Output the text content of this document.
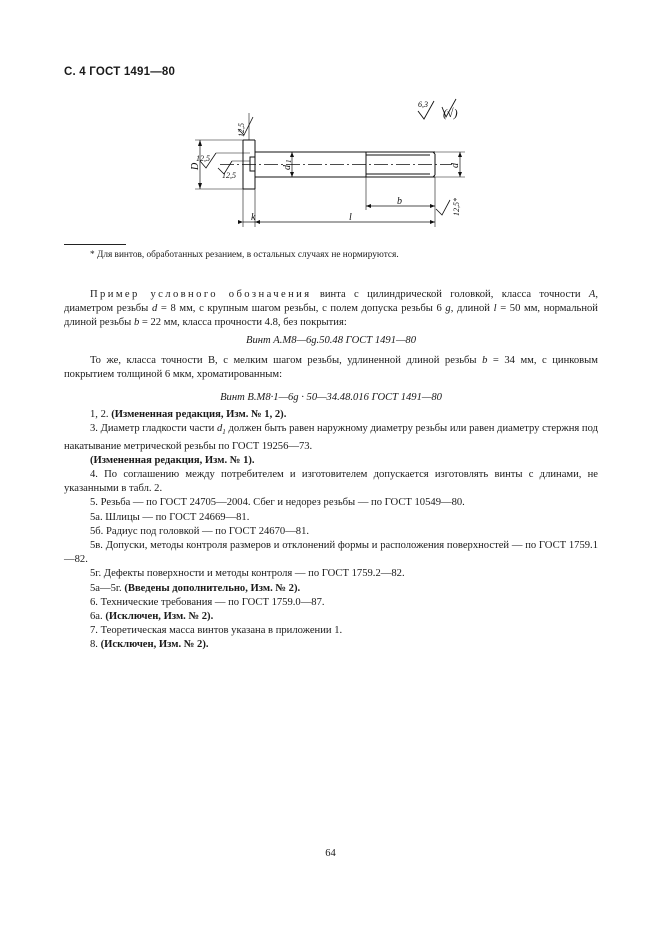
С. 4 ГОСТ 1491—80
6,3
(√)
12,5
12,5
12,5
D	d
1
d
k	l
b	12,5*

* Для винтов, обработанных резанием, в остальных случаях не нормируются.

Пример условного обозначения винта с цилиндрической головкой, класса точности А, диаметром резьбы d = 8 мм, с крупным шагом резьбы, с полем допуска резьбы 6 g, длиной l = 50 мм, нормальной длиной резьбы b = 22 мм, класса прочности 4.8, без покрытия:

Винт А.М8—6g.50.48 ГОСТ 1491—80

То же, класса точности В, с мелким шагом резьбы, удлиненной длиной резьбы b = 34 мм, с цинковым покрытием толщиной 6 мкм, хроматированным:

Винт В.М8·1—6g · 50—34.48.016 ГОСТ 1491—80

1, 2. (Измененная редакция, Изм. № 1, 2).

3. Диаметр гладкости части $d_1$ должен быть равен наружному диаметру резьбы или равен диаметру стержня под накатывание метрической резьбы по ГОСТ 19256—73.

(Измененная редакция, Изм. № 1).

4. По соглашению между потребителем и изготовителем допускается изготовлять винты с длинами, не указанными в табл. 2.

5. Резьба — по ГОСТ 24705—2004. Сбег и недорез резьбы — по ГОСТ 10549—80.

5а. Шлицы — по ГОСТ 24669—81.

5б. Радиус под головкой — по ГОСТ 24670—81.

5в. Допуски, методы контроля размеров и отклонений формы и расположения поверхностей — по ГОСТ 1759.1—82.

5г. Дефекты поверхности и методы контроля — по ГОСТ 1759.2—82.

5а—5г. (Введены дополнительно, Изм. № 2).

6. Технические требования — по ГОСТ 1759.0—87.

6а. (Исключен, Изм. № 2).

7. Теоретическая масса винтов указана в приложении 1.

8. (Исключен, Изм. № 2).

64
